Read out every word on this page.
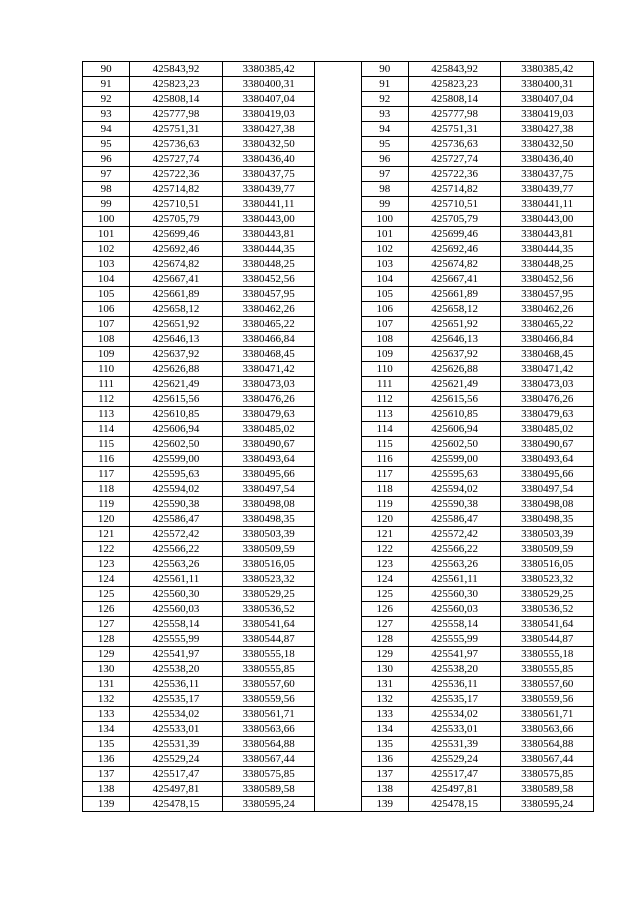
90	425843,92	3380385,42		90	425843,92	3380385,42
91	425823,23	3380400,31		91	425823,23	3380400,31
92	425808,14	3380407,04		92	425808,14	3380407,04
93	425777,98	3380419,03		93	425777,98	3380419,03
94	425751,31	3380427,38		94	425751,31	3380427,38
95	425736,63	3380432,50		95	425736,63	3380432,50
96	425727,74	3380436,40		96	425727,74	3380436,40
97	425722,36	3380437,75		97	425722,36	3380437,75
98	425714,82	3380439,77		98	425714,82	3380439,77
99	425710,51	3380441,11		99	425710,51	3380441,11
100	425705,79	3380443,00		100	425705,79	3380443,00
101	425699,46	3380443,81		101	425699,46	3380443,81
102	425692,46	3380444,35		102	425692,46	3380444,35
103	425674,82	3380448,25		103	425674,82	3380448,25
104	425667,41	3380452,56		104	425667,41	3380452,56
105	425661,89	3380457,95		105	425661,89	3380457,95
106	425658,12	3380462,26		106	425658,12	3380462,26
107	425651,92	3380465,22		107	425651,92	3380465,22
108	425646,13	3380466,84		108	425646,13	3380466,84
109	425637,92	3380468,45		109	425637,92	3380468,45
110	425626,88	3380471,42		110	425626,88	3380471,42
111	425621,49	3380473,03		111	425621,49	3380473,03
112	425615,56	3380476,26		112	425615,56	3380476,26
113	425610,85	3380479,63		113	425610,85	3380479,63
114	425606,94	3380485,02		114	425606,94	3380485,02
115	425602,50	3380490,67		115	425602,50	3380490,67
116	425599,00	3380493,64		116	425599,00	3380493,64
117	425595,63	3380495,66		117	425595,63	3380495,66
118	425594,02	3380497,54		118	425594,02	3380497,54
119	425590,38	3380498,08		119	425590,38	3380498,08
120	425586,47	3380498,35		120	425586,47	3380498,35
121	425572,42	3380503,39		121	425572,42	3380503,39
122	425566,22	3380509,59		122	425566,22	3380509,59
123	425563,26	3380516,05		123	425563,26	3380516,05
124	425561,11	3380523,32		124	425561,11	3380523,32
125	425560,30	3380529,25		125	425560,30	3380529,25
126	425560,03	3380536,52		126	425560,03	3380536,52
127	425558,14	3380541,64		127	425558,14	3380541,64
128	425555,99	3380544,87		128	425555,99	3380544,87
129	425541,97	3380555,18		129	425541,97	3380555,18
130	425538,20	3380555,85		130	425538,20	3380555,85
131	425536,11	3380557,60		131	425536,11	3380557,60
132	425535,17	3380559,56		132	425535,17	3380559,56
133	425534,02	3380561,71		133	425534,02	3380561,71
134	425533,01	3380563,66		134	425533,01	3380563,66
135	425531,39	3380564,88		135	425531,39	3380564,88
136	425529,24	3380567,44		136	425529,24	3380567,44
137	425517,47	3380575,85		137	425517,47	3380575,85
138	425497,81	3380589,58		138	425497,81	3380589,58
139	425478,15	3380595,24		139	425478,15	3380595,24
